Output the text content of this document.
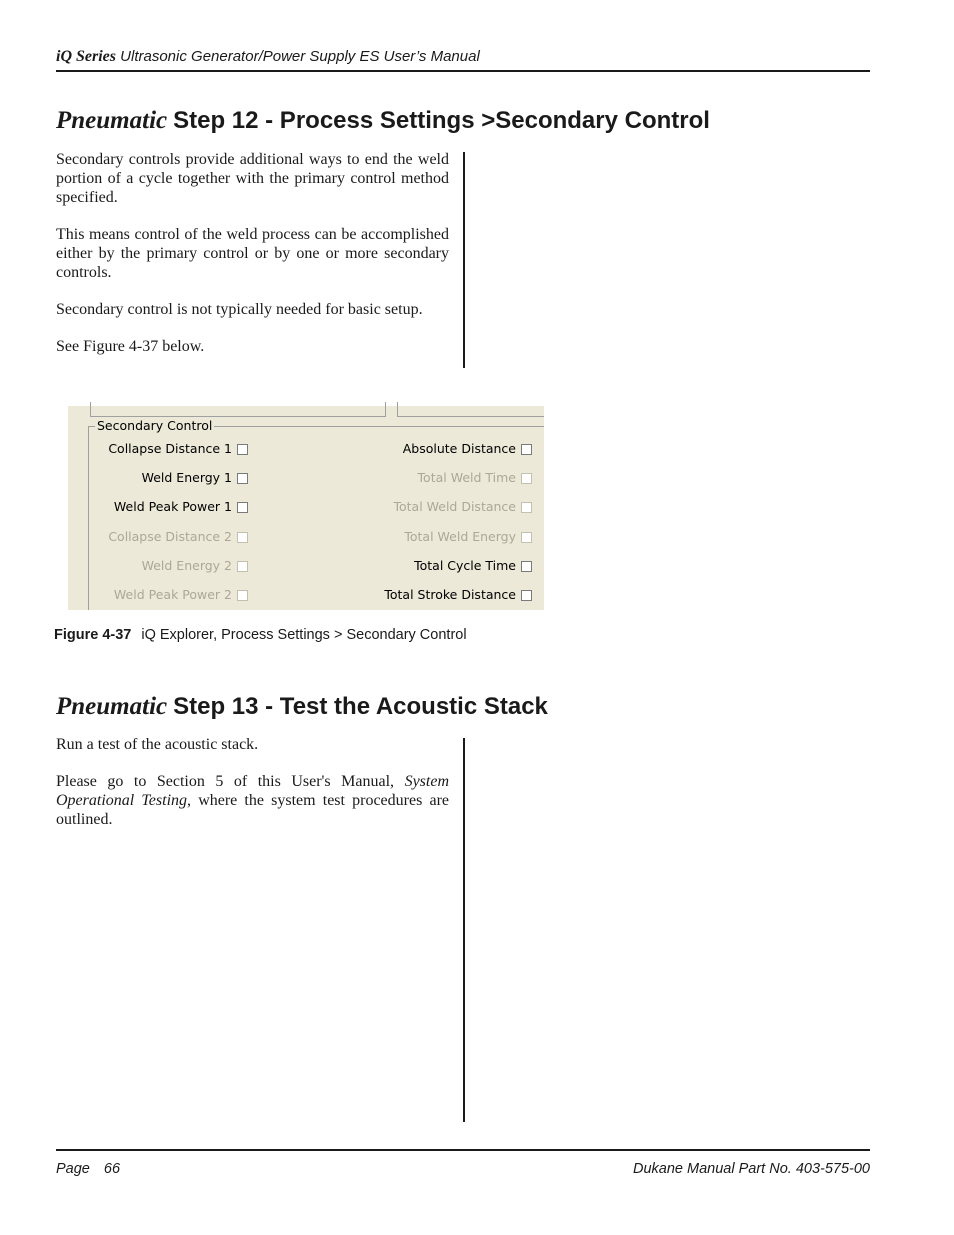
iQ Series Ultrasonic Generator/Power Supply ES User’s Manual
Pneumatic Step 12 - Process Settings >Secondary Control

Secondary controls provide additional ways to end the weld portion of a cycle together with the primary control method specified.

This means control of the weld process can be accomplished either by the primary control or by one or more secondary controls.

Secondary control is not typically needed for basic setup.

See Figure 4-37 below.

Secondary Control
Collapse Distance 1
Weld Energy 1
Weld Peak Power 1
Collapse Distance 2
Weld Energy 2
Weld Peak Power 2
Absolute Distance
Total Weld Time
Total Weld Distance
Total Weld Energy
Total Cycle Time
Total Stroke Distance
Figure 4-37 iQ Explorer, Process Settings > Secondary Control
Pneumatic Step 13 - Test the Acoustic Stack

Run a test of the acoustic stack.

Please go to Section 5 of this User's Manual, System Operational Testing, where the system test procedures are outlined.

Page 66	Dukane Manual Part No. 403-575-00
